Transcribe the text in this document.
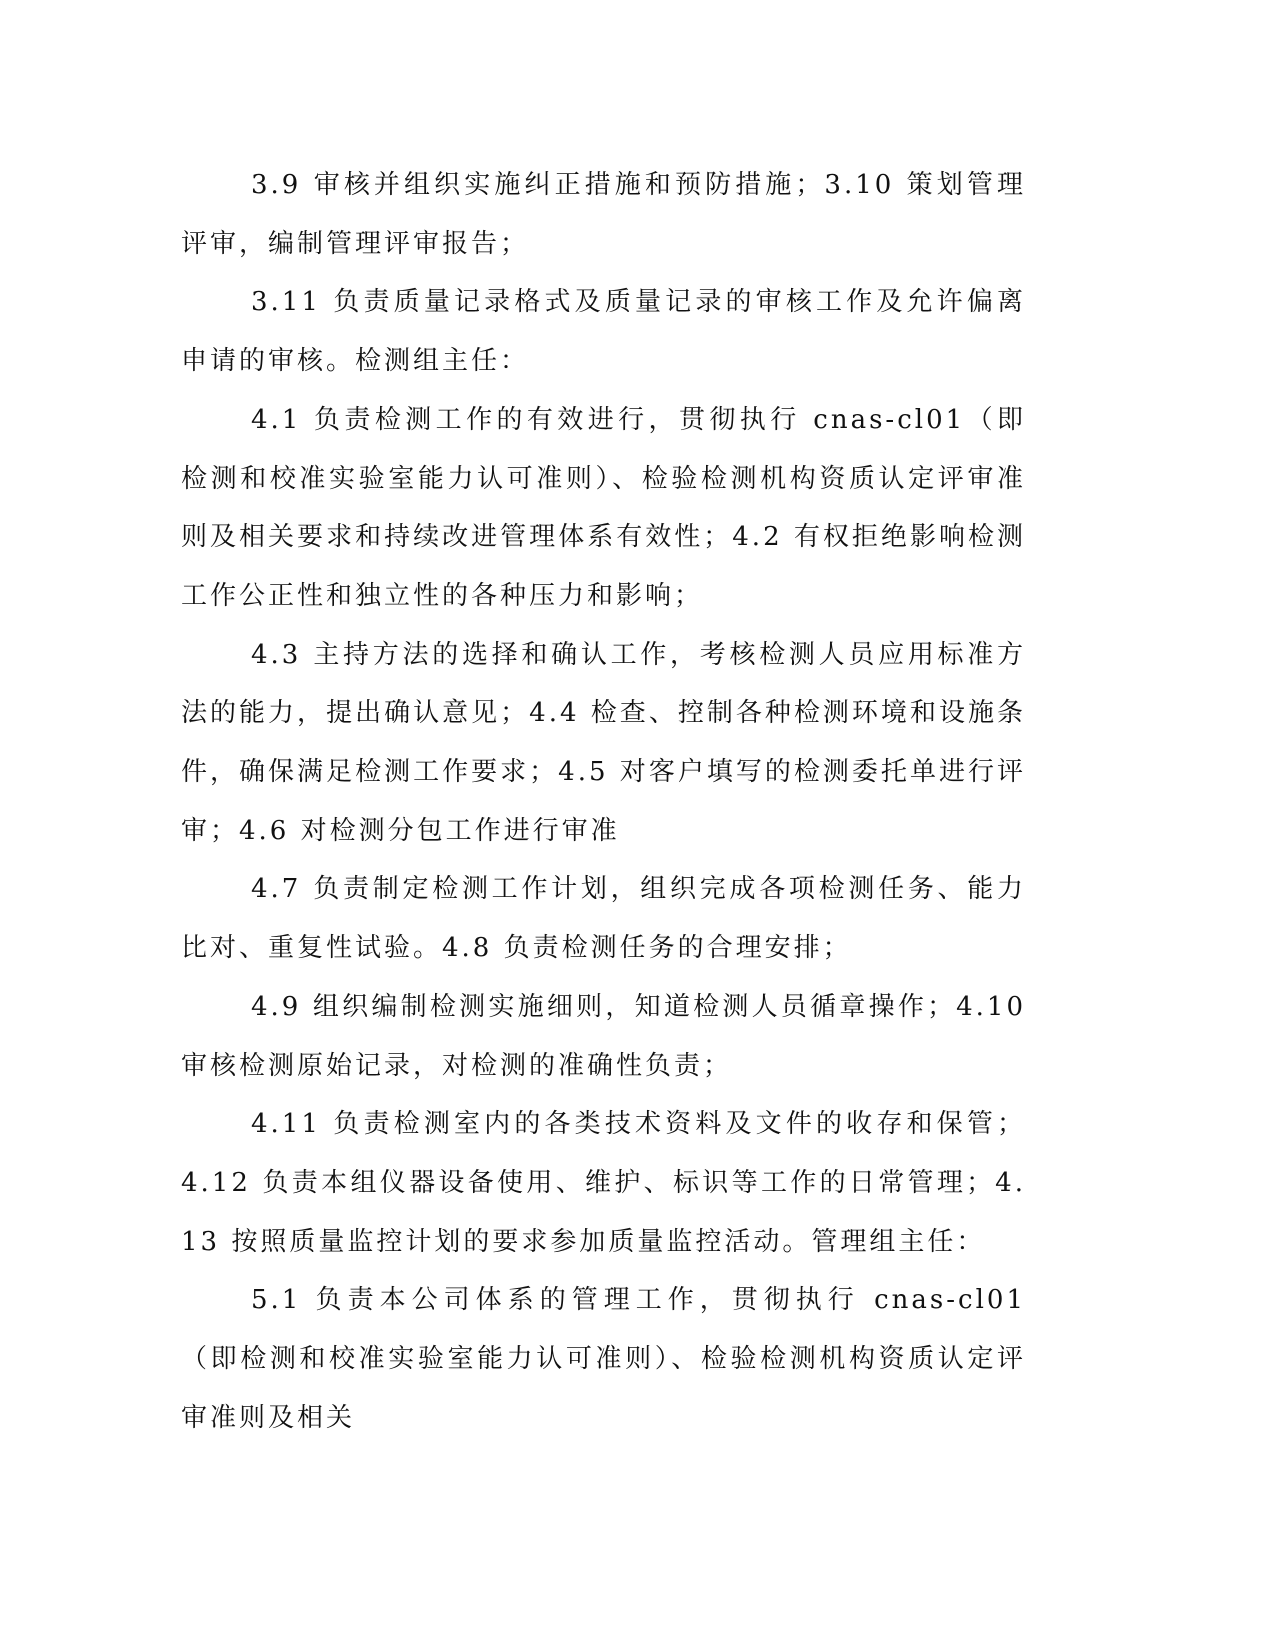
3.9 审核并组织实施纠正措施和预防措施；3.10 策划管理评审，编制管理评审报告；

3.11 负责质量记录格式及质量记录的审核工作及允许偏离申请的审核。检测组主任：

4.1 负责检测工作的有效进行，贯彻执行 cnas-cl01（即检测和校准实验室能力认可准则）、检验检测机构资质认定评审准则及相关要求和持续改进管理体系有效性；4.2 有权拒绝影响检测工作公正性和独立性的各种压力和影响；

4.3 主持方法的选择和确认工作，考核检测人员应用标准方法的能力，提出确认意见；4.4 检查、控制各种检测环境和设施条件，确保满足检测工作要求；4.5 对客户填写的检测委托单进行评审；4.6 对检测分包工作进行审准

4.7 负责制定检测工作计划，组织完成各项检测任务、能力比对、重复性试验。4.8 负责检测任务的合理安排；

4.9 组织编制检测实施细则，知道检测人员循章操作；4.10 审核检测原始记录，对检测的准确性负责；

4.11 负责检测室内的各类技术资料及文件的收存和保管；4.12 负责本组仪器设备使用、维护、标识等工作的日常管理；4.13 按照质量监控计划的要求参加质量监控活动。管理组主任：

5.1 负责本公司体系的管理工作，贯彻执行 cnas-cl01（即检测和校准实验室能力认可准则）、检验检测机构资质认定评审准则及相关
